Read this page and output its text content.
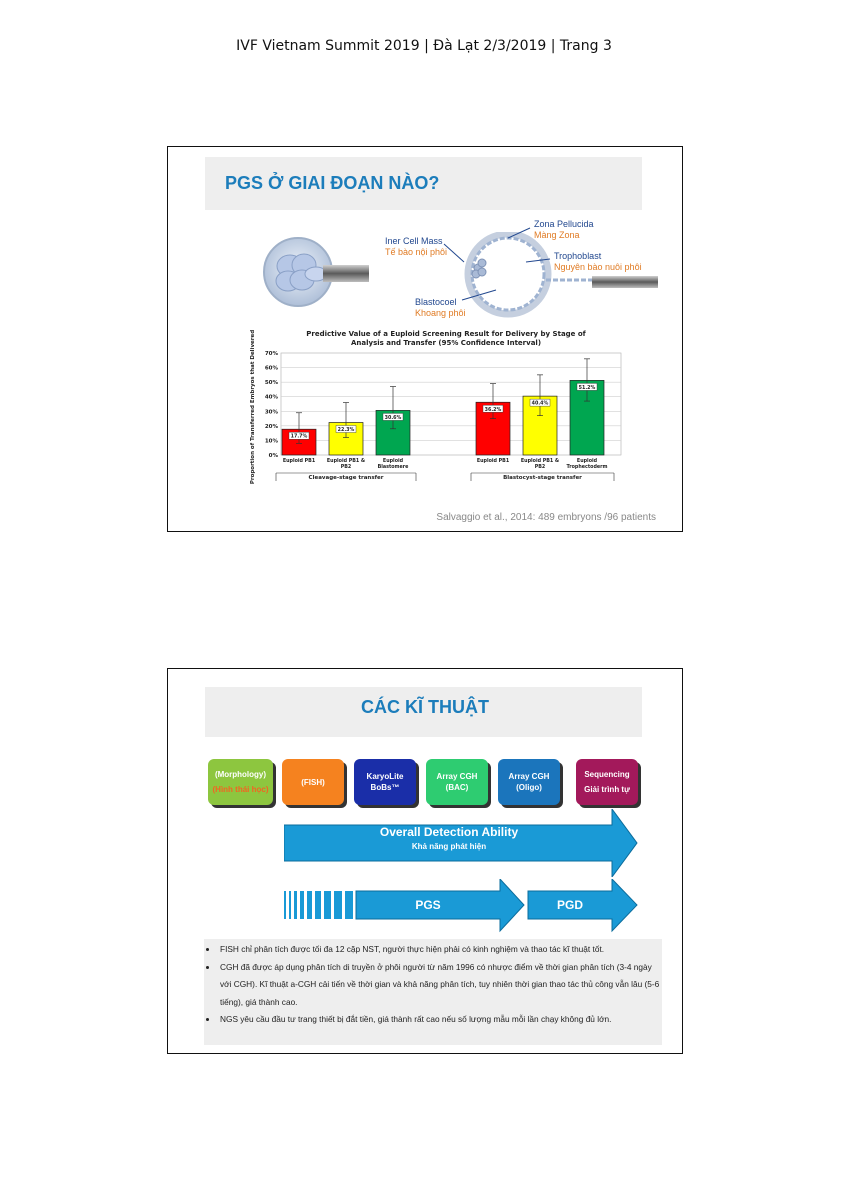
IVF Vietnam Summit 2019 | Đà Lạt 2/3/2019 | Trang 3
PGS Ở GIAI ĐOẠN NÀO?
Zona Pellucida
Màng Zona
Iner Cell Mass
Tế bào nội phôi	Trophoblast
Nguyên bào nuôi phôi
Blastocoel
Khoang phôi
Predictive Value of a Euploid Screening Result for Delivery by Stage of
Analysis and Transfer (95% Confidence Interval)
Proportion of Transferred Embryos that Delivered 0%
10%
20%
30%
40%
50%
60%
70%
17.7%
Euploid PB1
22.3%
Euploid PB1 &
PB2
30.6%
Euploid
Blastomere
36.2%
Euploid PB1
40.4%
Euploid PB1 &
PB2
51.2%
Euploid
Trophectoderm
Cleavage-stage transfer	Blastocyst-stage transfer
Salvaggio et al., 2014: 489 embryons /96 patients
CÁC KĨ THUẬT
(Morphology)
(Hình thái học)
(FISH)
KaryoLite
BoBs™
Array CGH
(BAC)
Array CGH
(Oligo)
Sequencing
Giải trình tự
Overall Detection Ability
Khả năng phát hiện
PGS	PGD
• FISH chỉ phân tích được tối đa 12 cặp NST, người thực hiện phải có kinh nghiệm và thao tác kĩ thuật tốt.
• CGH đã được áp dụng phân tích di truyền ở phôi người từ năm 1996 có nhược điểm về thời gian phân tích (3-4 ngày với CGH). Kĩ thuật a-CGH cải tiến về thời gian và khả năng phân tích, tuy nhiên thời gian thao tác thủ công vẫn lâu (5-6 tiếng), giá thành cao.
• NGS yêu cầu đầu tư trang thiết bị đắt tiền, giá thành rất cao nếu số lượng mẫu mỗi lần chạy không đủ lớn.
